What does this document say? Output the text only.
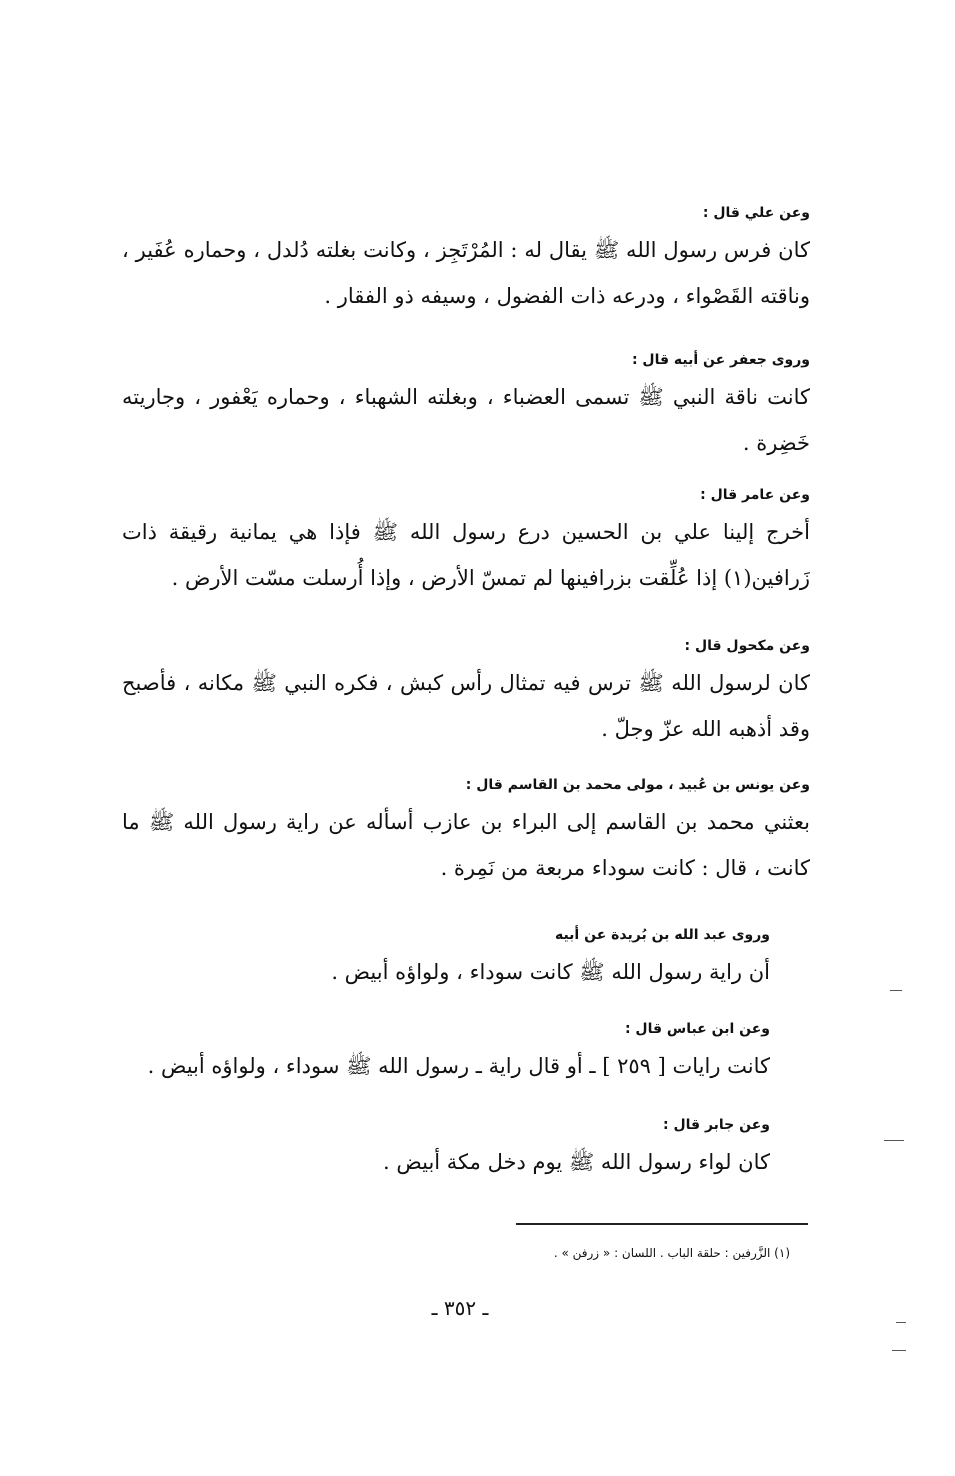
وعن علي قال :

كان فرس رسول الله ﷺ يقال له : المُرْتَجِز ، وكانت بغلته دُلدل ، وحماره عُفَير ، وناقته القَصْواء ، ودرعه ذات الفضول ، وسيفه ذو الفقار .

وروى جعفر عن أبيه قال :

كانت ناقة النبي ﷺ تسمى العضباء ، وبغلته الشهباء ، وحماره يَعْفور ، وجاريته خَضِرة .

وعن عامر قال :

أخرج إلينا علي بن الحسين درع رسول الله ﷺ فإذا هي يمانية رقيقة ذات زَرافين(١) إذا عُلِّقت بزرافينها لم تمسّ الأرض ، وإذا أُرسلت مسّت الأرض .

وعن مكحول قال :

كان لرسول الله ﷺ ترس فيه تمثال رأس كبش ، فكره النبي ﷺ مكانه ، فأصبح وقد أذهبه الله عزّ وجلّ .

وعن يونس بن عُبيد ، مولى محمد بن القاسم قال :

بعثني محمد بن القاسم إلى البراء بن عازب أسأله عن راية رسول الله ﷺ ما كانت ، قال : كانت سوداء مربعة من نَمِرة .

وروى عبد الله بن بُريدة عن أبيه

أن راية رسول الله ﷺ كانت سوداء ، ولواؤه أبيض .

وعن ابن عباس قال :

كانت رايات [ ٢٥٩ ] ـ أو قال راية ـ رسول الله ﷺ سوداء ، ولواؤه أبيض .

وعن جابر قال :

كان لواء رسول الله ﷺ يوم دخل مكة أبيض .

(١) الزَّرفين : حلقة الباب . اللسان : « زرفن » .
ـ ٣٥٢ ـ
